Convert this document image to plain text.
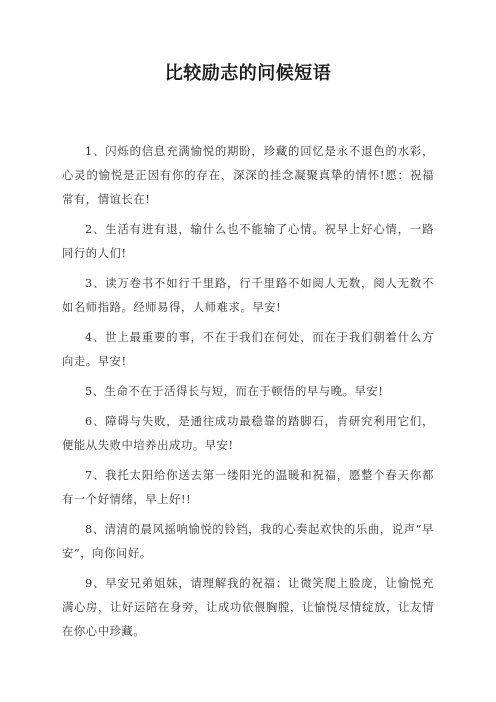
比较励志的问候短语

1、闪烁的信息充满愉悦的期盼，珍藏的回忆是永不退色的水彩，心灵的愉悦是正因有你的存在，深深的挂念凝聚真挚的情怀!愿：祝福常有，情谊长在!

2、生活有进有退，输什么也不能输了心情。祝早上好心情，一路同行的人们!

3、读万卷书不如行千里路，行千里路不如阅人无数，阅人无数不如名师指路。经师易得，人师难求。早安!

4、世上最重要的事，不在于我们在何处，而在于我们朝着什么方向走。早安!

5、生命不在于活得长与短，而在于顿悟的早与晚。早安!

6、障碍与失败，是通往成功最稳靠的踏脚石，肯研究利用它们，便能从失败中培养出成功。早安!

7、我托太阳给你送去第一缕阳光的温暖和祝福，愿整个春天你都有一个好情绪，早上好!!

8、清清的晨风摇响愉悦的铃铛，我的心奏起欢快的乐曲，说声“早安”，向你问好。

9、早安兄弟姐妹，请理解我的祝福：让微笑爬上脸庞，让愉悦充满心房，让好运陪在身旁，让成功依偎胸膛，让愉悦尽情绽放，让友情在你心中珍藏。
